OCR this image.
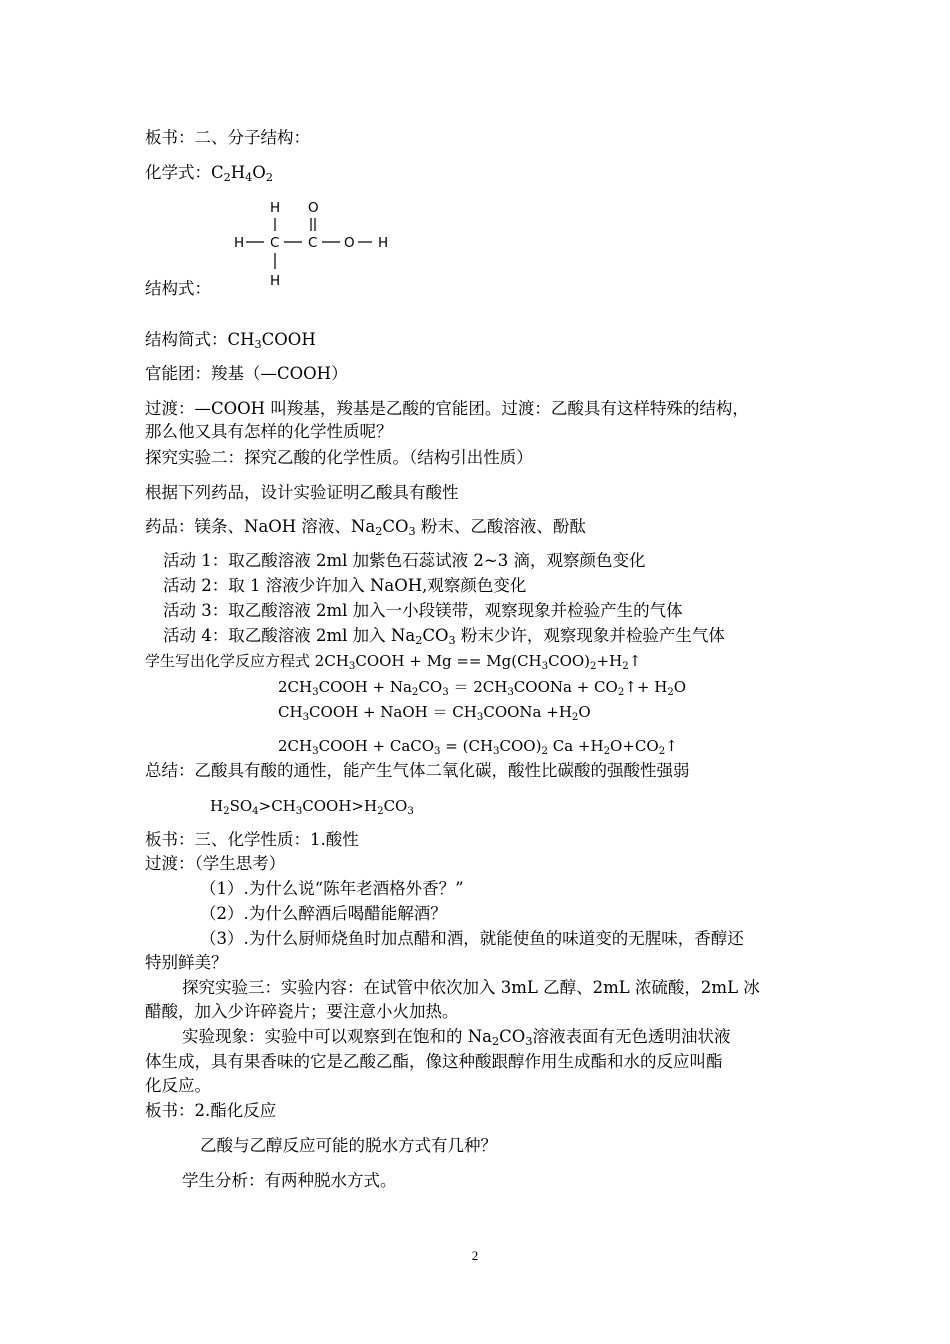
板书：二、分子结构：

化学式：$C_2H_4O_2$

H O
H C C O H
H

结构式：

结构简式：$CH_3COOH$

官能团：羧基（—COOH）

过渡：—COOH 叫羧基，羧基是乙酸的官能团。过渡：乙酸具有这样特殊的结构，

那么他又具有怎样的化学性质呢？

探究实验二：探究乙酸的化学性质。（结构引出性质）

根据下列药品，设计实验证明乙酸具有酸性

药品：镁条、NaOH 溶液、$Na_2CO_3$ 粉末、乙酸溶液、酚酞

活动 1：取乙酸溶液 2ml 加紫色石蕊试液 2~3 滴，观察颜色变化

活动 2：取 1 溶液少许加入 NaOH,观察颜色变化

活动 3：取乙酸溶液 2ml 加入一小段镁带，观察现象并检验产生的气体

活动 4：取乙酸溶液 2ml 加入 $Na_2CO_3$ 粉末少许，观察现象并检验产生气体

学生写出化学反应方程式 $2CH_3COOH + Mg$ == $Mg(CH_3COO)_2+H_2↑$

$2CH_3COOH + Na_2CO_3$ ＝ $2CH_3COONa$ + $CO_2↑+ H_2O$

$CH_3COOH$ + NaOH ＝ $CH_3COONa +H_2O$

$2CH_3COOH$ + CaCO$_3$ = $(CH_3COO)_2$ $Ca +H_2O+CO_2↑$

总结：乙酸具有酸的通性，能产生气体二氧化碳，酸性比碳酸的强酸性强弱

$H_2SO_4>CH_3COOH>H_2CO_3$

板书：三、化学性质：1.酸性

过渡：（学生思考）

（1）.为什么说“陈年老酒格外香？”

（2）.为什么醉酒后喝醋能解酒？

（3）.为什么厨师烧鱼时加点醋和酒，就能使鱼的味道变的无腥味，香醇还

特别鲜美？

探究实验三：实验内容：在试管中依次加入 3mL 乙醇、2mL 浓硫酸，2mL 冰

醋酸，加入少许碎瓷片；要注意小火加热。

实验现象：实验中可以观察到在饱和的 $Na_2CO_3$溶液表面有无色透明油状液

体生成，具有果香味的它是乙酸乙酯，像这种酸跟醇作用生成酯和水的反应叫酯

化反应。

板书：2.酯化反应

乙酸与乙醇反应可能的脱水方式有几种？

学生分析：有两种脱水方式。

2
